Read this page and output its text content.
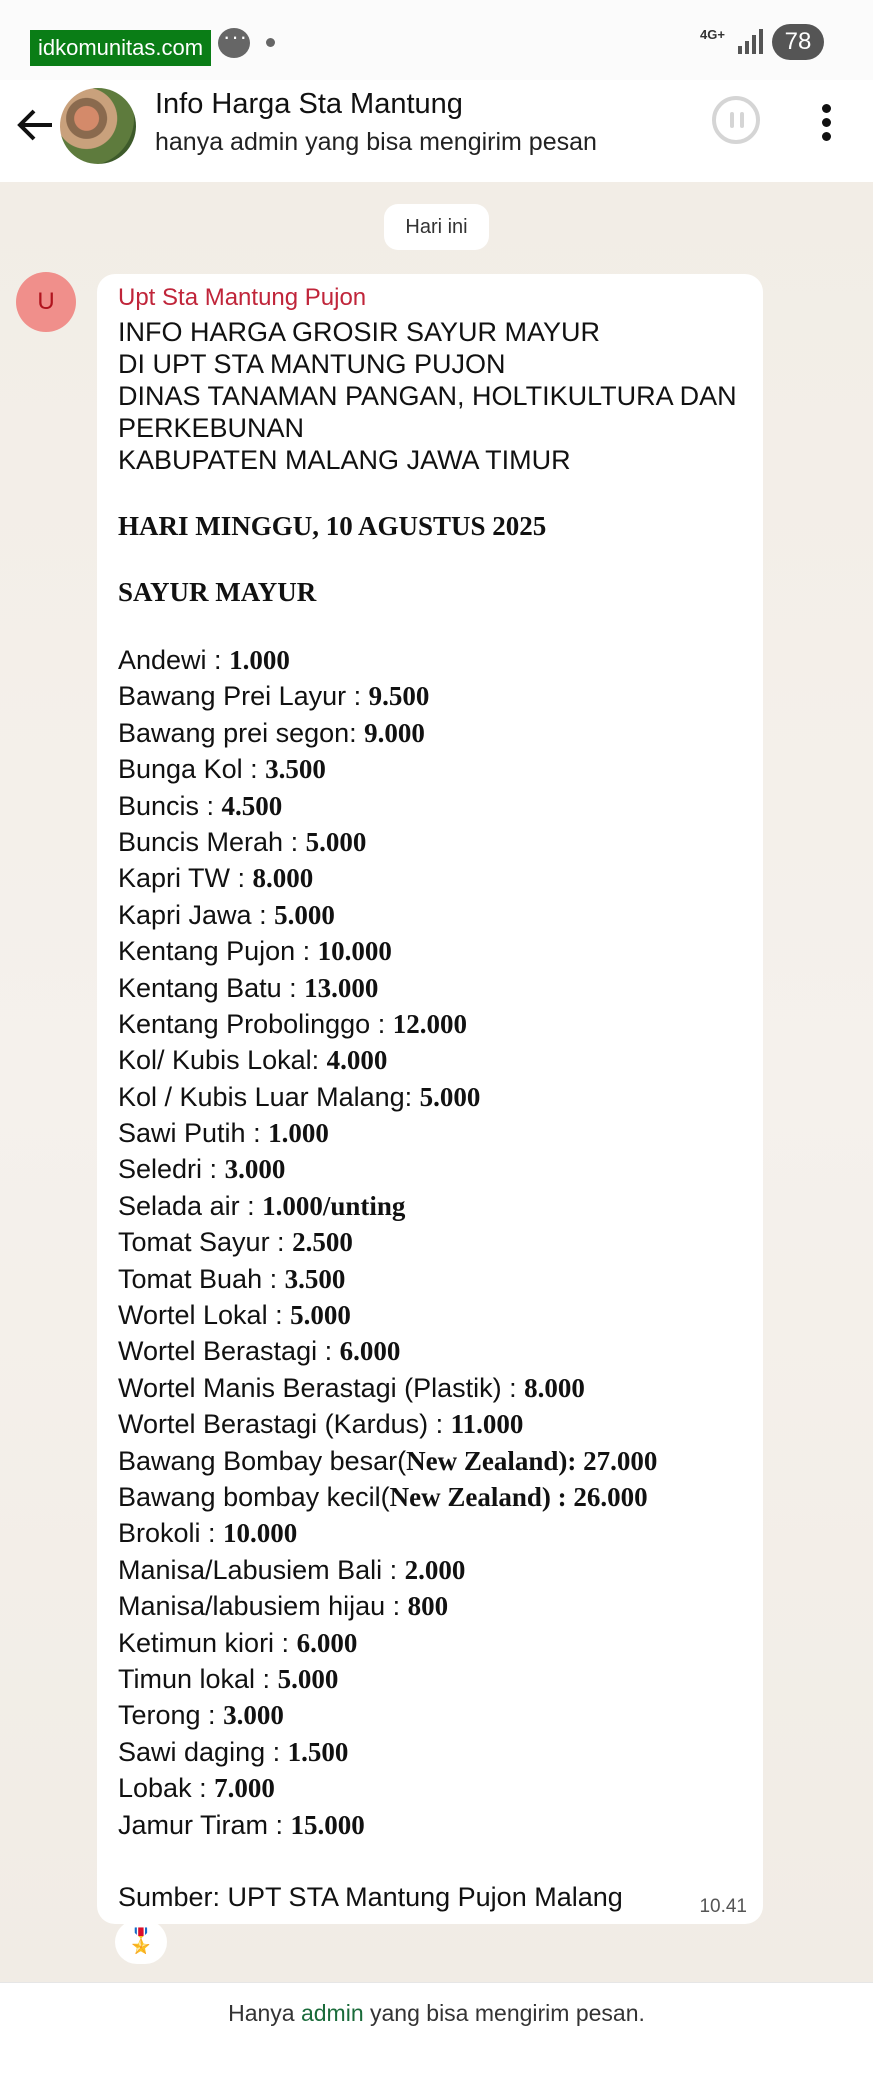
idkomunitas.com
···
4G+	78
Info Harga Sta Mantung
hanya admin yang bisa mengirim pesan
Hari ini
U	Upt Sta Mantung Pujon
INFO HARGA GROSIR SAYUR MAYUR
DI UPT STA MANTUNG PUJON
DINAS TANAMAN PANGAN, HOLTIKULTURA DAN PERKEBUNAN
KABUPATEN MALANG JAWA TIMUR
HARI MINGGU, 10 AGUSTUS 2025
SAYUR MAYUR
Andewi : 1.000
Bawang Prei Layur : 9.500
Bawang prei segon: 9.000
Bunga Kol : 3.500
Buncis : 4.500
Buncis Merah : 5.000
Kapri TW : 8.000
Kapri Jawa : 5.000
Kentang Pujon : 10.000
Kentang Batu : 13.000
Kentang Probolinggo : 12.000
Kol/ Kubis Lokal: 4.000
Kol / Kubis Luar Malang: 5.000
Sawi Putih : 1.000
Seledri : 3.000
Selada air : 1.000/unting
Tomat Sayur : 2.500
Tomat Buah : 3.500
Wortel Lokal : 5.000
Wortel Berastagi : 6.000
Wortel Manis Berastagi (Plastik) : 8.000
Wortel Berastagi (Kardus) : 11.000
Bawang Bombay besar(New Zealand): 27.000
Bawang bombay kecil(New Zealand) : 26.000
Brokoli : 10.000
Manisa/Labusiem Bali : 2.000
Manisa/labusiem hijau : 800
Ketimun kiori : 6.000
Timun lokal : 5.000
Terong : 3.000
Sawi daging : 1.500
Lobak : 7.000
Jamur Tiram : 15.000
Sumber: UPT STA Mantung Pujon Malang	10.41
🎖️
Hanya admin yang bisa mengirim pesan.
